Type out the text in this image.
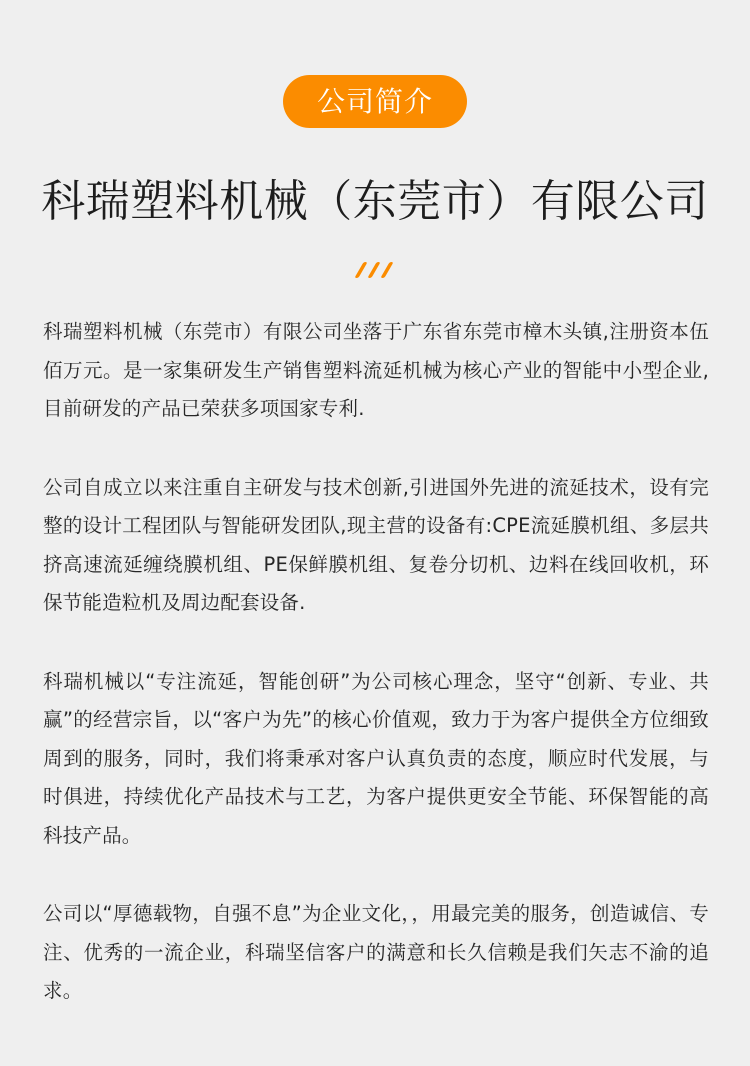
公司简介
科瑞塑料机械（东莞市）有限公司

科瑞塑料机械（东莞市）有限公司坐落于广东省东莞市樟木头镇,注册资本伍佰万元。是一家集研发生产销售塑料流延机械为核心产业的智能中小型企业,目前研发的产品已荣获多项国家专利.

公司自成立以来注重自主研发与技术创新,引进国外先进的流延技术，设有完整的设计工程团队与智能研发团队,现主营的设备有:CPE流延膜机组、多层共挤高速流延缠绕膜机组、PE保鲜膜机组、复卷分切机、边料在线回收机，环保节能造粒机及周边配套设备.

科瑞机械以“专注流延，智能创研”为公司核心理念，坚守“创新、专业、共赢”的经营宗旨，以“客户为先”的核心价值观，致力于为客户提供全方位细致周到的服务，同时，我们将秉承对客户认真负责的态度，顺应时代发展，与时俱进，持续优化产品技术与工艺，为客户提供更安全节能、环保智能的高科技产品。

公司以“厚德载物，自强不息”为企业文化，，用最完美的服务，创造诚信、专注、优秀的一流企业，科瑞坚信客户的满意和长久信赖是我们矢志不渝的追求。
